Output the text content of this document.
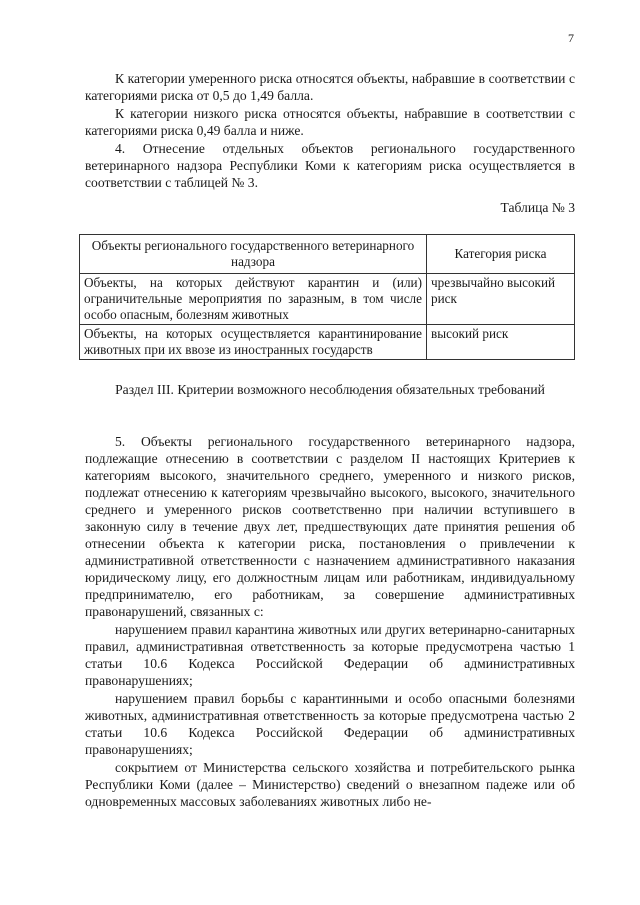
7

К категории умеренного риска относятся объекты, набравшие в соответствии с категориями риска от 0,5 до 1,49 балла.

К категории низкого риска относятся объекты, набравшие в соответствии с категориями риска 0,49 балла и ниже.

4. Отнесение отдельных объектов регионального государственного ветеринарного надзора Республики Коми к категориям риска осуществляется в соответствии с таблицей № 3.

Таблица № 3
Объекты регионального государственного ветеринарного надзора	Категория риска
Объекты, на которых действуют карантин и (или) ограничительные мероприятия по заразным, в том числе особо опасным, болезням животных	чрезвычайно высокий риск
Объекты, на которых осуществляется карантинирование животных при их ввозе из иностранных государств	высокий риск
Раздел III. Критерии возможного несоблюдения обязательных требований

5. Объекты регионального государственного ветеринарного надзора, подлежащие отнесению в соответствии с разделом II настоящих Критериев к категориям высокого, значительного среднего, умеренного и низкого рисков, подлежат отнесению к категориям чрезвычайно высокого, высокого, значительного среднего и умеренного рисков соответственно при наличии вступившего в законную силу в течение двух лет, предшествующих дате принятия решения об отнесении объекта к категории риска, постановления о привлечении к административной ответственности с назначением административного наказания юридическому лицу, его должностным лицам или работникам, индивидуальному предпринимателю, его работникам, за совершение административных правонарушений, связанных с:

нарушением правил карантина животных или других ветеринарно-санитарных правил, административная ответственность за которые предусмотрена частью 1 статьи 10.6 Кодекса Российской Федерации об административных правонарушениях;

нарушением правил борьбы с карантинными и особо опасными болезнями животных, административная ответственность за которые предусмотрена частью 2 статьи 10.6 Кодекса Российской Федерации об административных правонарушениях;

сокрытием от Министерства сельского хозяйства и потребительского рынка Республики Коми (далее – Министерство) сведений о внезапном падеже или об одновременных массовых заболеваниях животных либо не-
